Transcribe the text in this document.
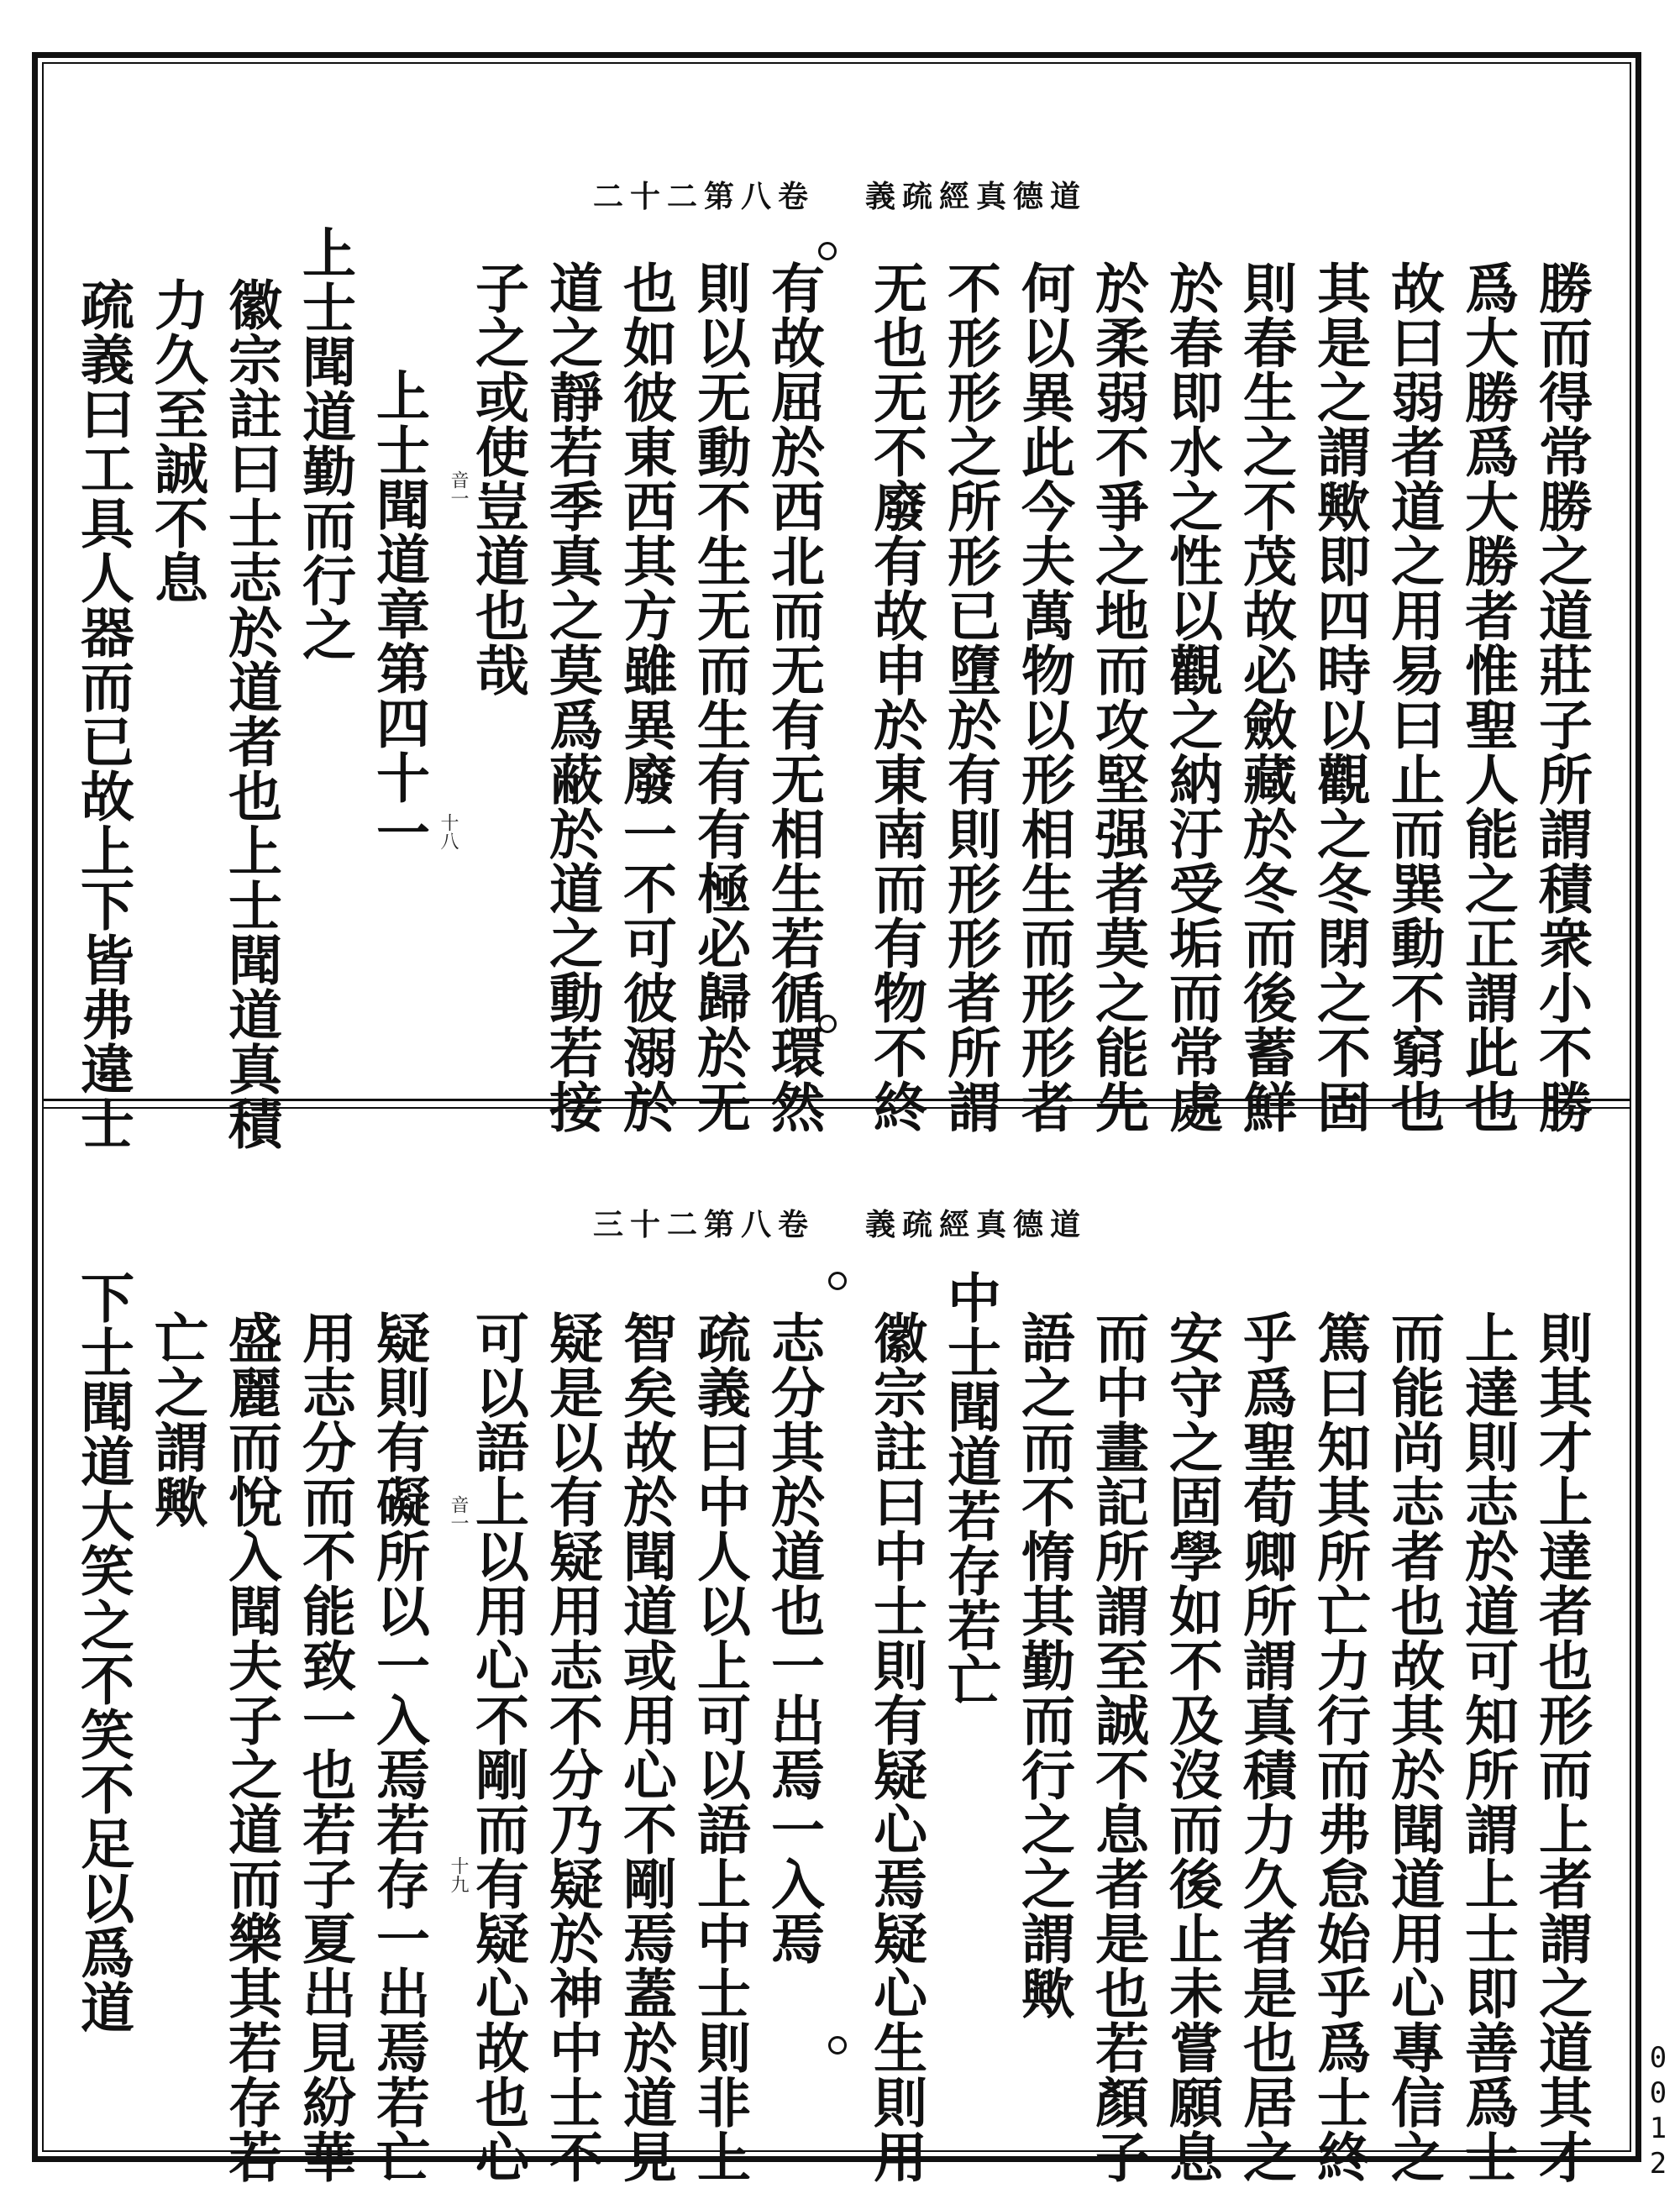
道德真經疏義卷八第二十二
勝而得常勝之道莊子所謂積衆小不勝
爲大勝爲大勝者惟聖人能之正謂此也
故曰弱者道之用易曰止而巽動不窮也
其是之謂歟即四時以觀之冬閉之不固
則春生之不茂故必斂藏於冬而後蓄鮮
於春即水之性以觀之納汙受垢而常處
於柔弱不爭之地而攻堅强者莫之能先
何以異此今夫萬物以形相生而形形者
不形形之所形已墮於有則形形者所謂
无也无不廢有故申於東南而有物不終
有故屈於西北而无有无相生若循環然
則以无動不生无而生有有極必歸於无
也如彼東西其方雖異廢一不可彼溺於
道之靜若季真之莫爲蔽於道之動若接
子之或使豈道也哉
上士聞道章第四十一
上士聞道勤而行之
徽宗註曰士志於道者也上士聞道真積
力久至誠不息
疏義曰工具人器而已故上下皆弗違士	音一
十八
道德真經疏義卷八第二十三
則其才上達者也形而上者謂之道其才
上達則志於道可知所謂上士即善爲士
而能尚志者也故其於聞道用心專信之
篤曰知其所亡力行而弗怠始乎爲士終
乎爲聖荀卿所謂真積力久者是也居之
安守之固學如不及沒而後止未嘗願息
而中畫記所謂至誠不息者是也若顏子
語之而不惰其勤而行之之謂歟
中士聞道若存若亡
徽宗註曰中士則有疑心焉疑心生則用
志分其於道也一出焉一入焉
疏義曰中人以上可以語上中士則非上
智矣故於聞道或用心不剛焉蓋於道見
疑是以有疑用志不分乃疑於神中士不
可以語上以用心不剛而有疑心故也心
疑則有礙所以一入焉若存一出焉若亡
用志分而不能致一也若子夏出見紛華
盛麗而悅入聞夫子之道而樂其若存若
亡之謂歟
下士聞道大笑之不笑不足以爲道	音一
十九
0012
